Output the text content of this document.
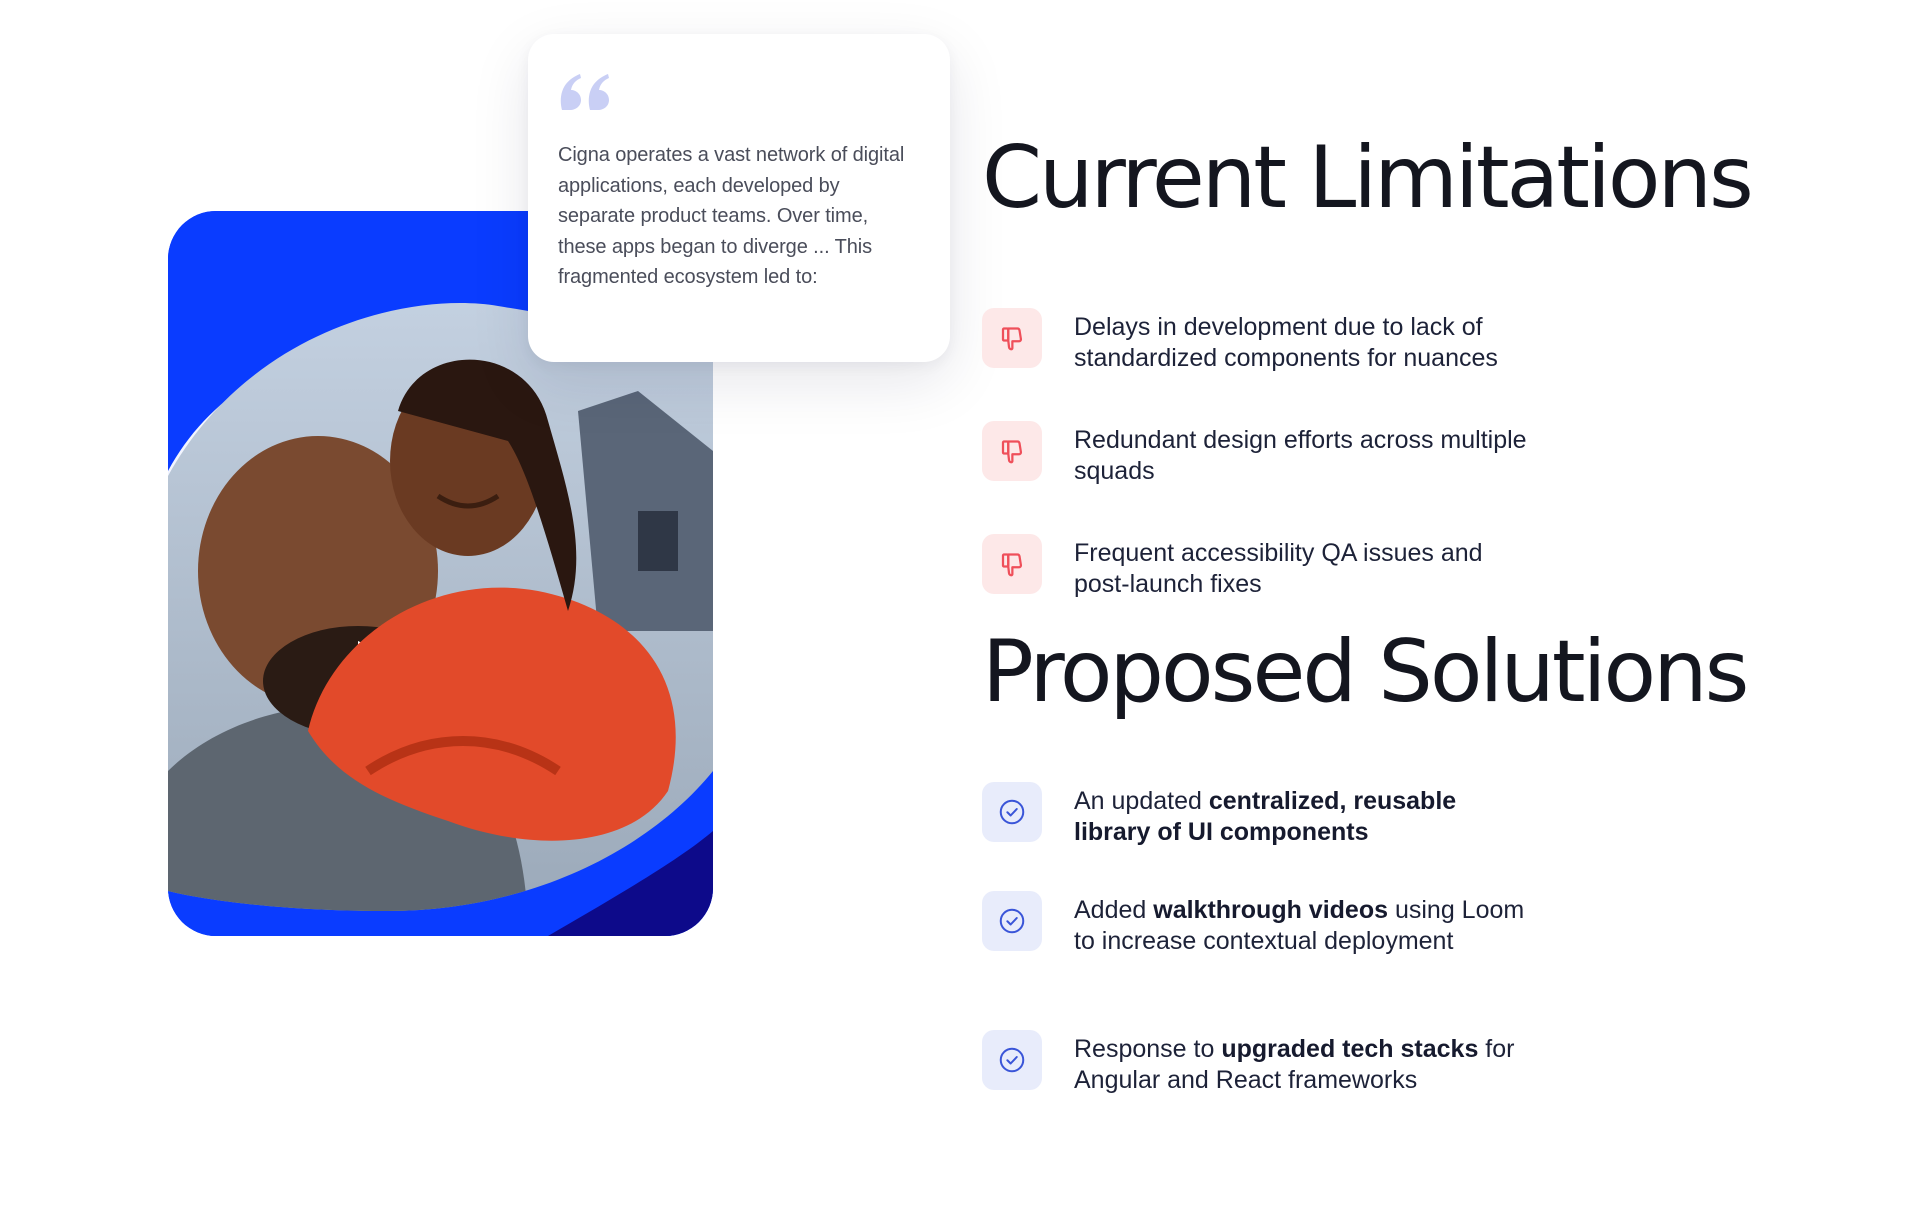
Cigna operates a vast network of digital applications, each developed by separate product teams. Over time, these apps began to diverge ... This fragmented ecosystem led to:
Current Limitations
Delays in development due to lack of standardized components for nuances
Redundant design efforts across multiple squads
Frequent accessibility QA issues and post-launch fixes
Proposed Solutions
An updated centralized, reusable library of UI components
Added walkthrough videos using Loom to increase contextual deployment
Response to upgraded tech stacks for Angular and React frameworks
